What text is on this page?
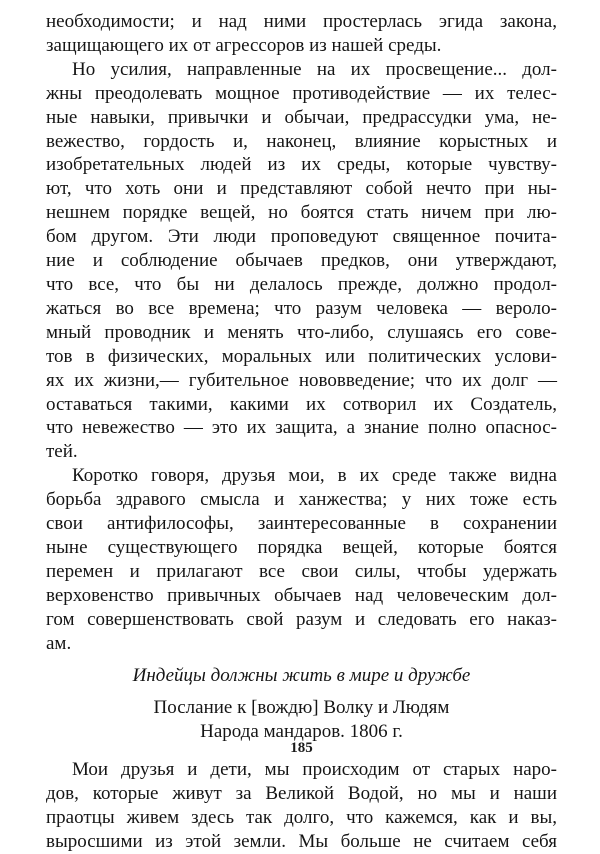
необходимости; и над ними простерлась эгида закона,
защищающего их от агрессоров из нашей среды.

Но усилия, направленные на их просвещение... дол-
жны преодолевать мощное противодействие — их телес-
ные навыки, привычки и обычаи, предрассудки ума, не-
вежество, гордость и, наконец, влияние корыстных и
изобретательных людей из их среды, которые чувству-
ют, что хоть они и представляют собой нечто при ны-
нешнем порядке вещей, но боятся стать ничем при лю-
бом другом. Эти люди проповедуют священное почита-
ние и соблюдение обычаев предков, они утверждают,
что все, что бы ни делалось прежде, должно продол-
жаться во все времена; что разум человека — вероло-
мный проводник и менять что-либо, слушаясь его сове-
тов в физических, моральных или политических услови-
ях их жизни,— губительное нововведение; что их долг —
оставаться такими, какими их сотворил их Создатель,
что невежество — это их защита, а знание полно опаснос-
тей.

Коротко говоря, друзья мои, в их среде также видна
борьба здравого смысла и ханжества; у них тоже есть
свои антифилософы, заинтересованные в сохранении
ныне существующего порядка вещей, которые боятся
перемен и прилагают все свои силы, чтобы удержать
верховенство привычных обычаев над человеческим дол-
гом совершенствовать свой разум и следовать его наказ-
ам.

Индейцы должны жить в мире и дружбе

Послание к [вождю] Волку и Людям
Народа мандаров. 1806 г.

Мои друзья и дети, мы происходим от старых наро-
дов, которые живут за Великой Водой, но мы и наши
праотцы живем здесь так долго, что кажемся, как и вы,
выросшими из этой земли. Мы больше не считаем себя

185
